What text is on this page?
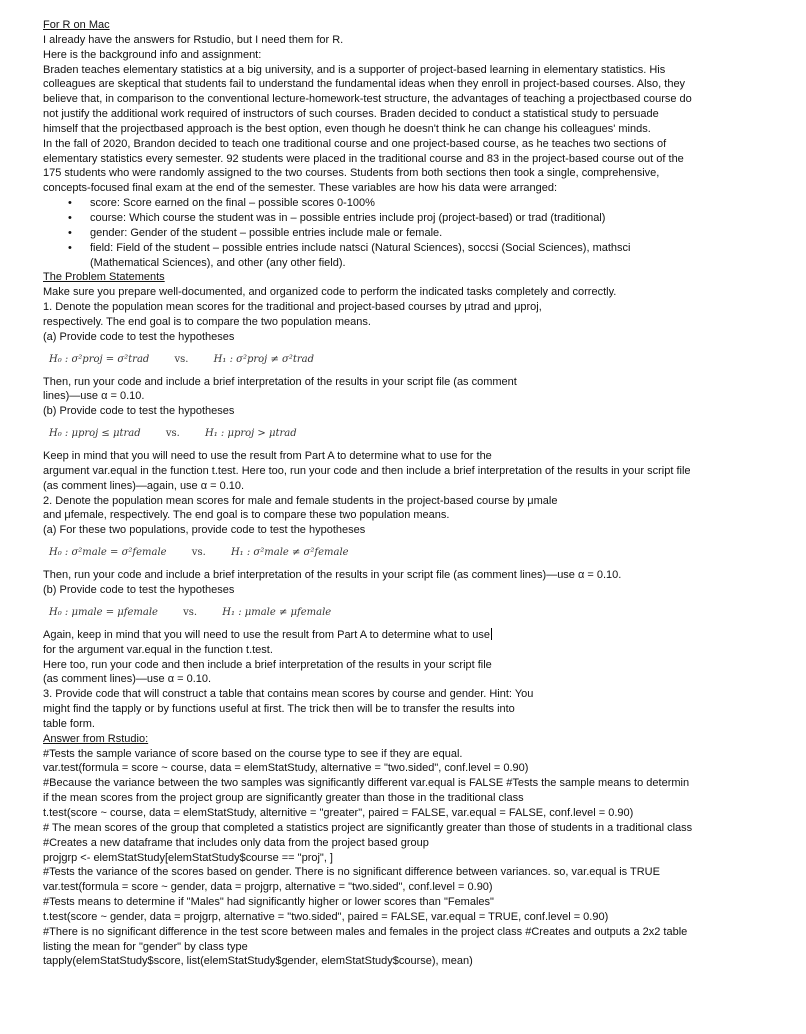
For R on Mac
I already have the answers for Rstudio, but I need them for R.
Here is the background info and assignment:
Braden teaches elementary statistics at a big university, and is a supporter of project-based learning in elementary statistics. His
colleagues are skeptical that students fail to understand the fundamental ideas when they enroll in project-based courses. Also, they
believe that, in comparison to the conventional lecture-homework-test structure, the advantages of teaching a projectbased course do
not justify the additional work required of instructors of such courses. Braden decided to conduct a statistical study to persuade
himself that the projectbased approach is the best option, even though he doesn't think he can change his colleagues' minds.
In the fall of 2020, Brandon decided to teach one traditional course and one project-based course, as he teaches two sections of
elementary statistics every semester. 92 students were placed in the traditional course and 83 in the project-based course out of the
175 students who were randomly assigned to the two courses. Students from both sections then took a single, comprehensive,
concepts-focused final exam at the end of the semester. These variables are how his data were arranged:
• score: Score earned on the final – possible scores 0-100%
• course: Which course the student was in – possible entries include proj (project-based) or trad (traditional)
• gender: Gender of the student – possible entries include male or female.
• field: Field of the student – possible entries include natsci (Natural Sciences), soccsi (Social Sciences), mathsci
(Mathematical Sciences), and other (any other field).
The Problem Statements
Make sure you prepare well-documented, and organized code to perform the indicated tasks completely and correctly.
1. Denote the population mean scores for the traditional and project-based courses by μtrad and μproj,
respectively. The end goal is to compare the two population means.
(a) Provide code to test the hypotheses
H₀ : σ²proj = σ²trad	vs.	H₁ : σ²proj ≠ σ²trad
Then, run your code and include a brief interpretation of the results in your script file (as comment
lines)—use α = 0.10.
(b) Provide code to test the hypotheses
H₀ : μproj ≤ μtrad	vs.	H₁ : μproj > μtrad
Keep in mind that you will need to use the result from Part A to determine what to use for the
argument var.equal in the function t.test. Here too, run your code and then include a brief interpretation of the results in your script file
(as comment lines)—again, use α = 0.10.
2. Denote the population mean scores for male and female students in the project-based course by μmale
and μfemale, respectively. The end goal is to compare these two population means.
(a) For these two populations, provide code to test the hypotheses
H₀ : σ²male = σ²female	vs.	H₁ : σ²male ≠ σ²female
Then, run your code and include a brief interpretation of the results in your script file (as comment lines)—use α = 0.10.
(b) Provide code to test the hypotheses
H₀ : μmale = μfemale	vs.	H₁ : μmale ≠ μfemale
Again, keep in mind that you will need to use the result from Part A to determine what to use
for the argument var.equal in the function t.test.
Here too, run your code and then include a brief interpretation of the results in your script file
(as comment lines)—use α = 0.10.
3. Provide code that will construct a table that contains mean scores by course and gender. Hint: You
might find the tapply or by functions useful at first. The trick then will be to transfer the results into
table form.
Answer from Rstudio:
#Tests the sample variance of score based on the course type to see if they are equal.
var.test(formula = score ~ course, data = elemStatStudy, alternative = "two.sided", conf.level = 0.90)
#Because the variance between the two samples was significantly different var.equal is FALSE #Tests the sample means to determin
if the mean scores from the project group are significantly greater than those in the traditional class
t.test(score ~ course, data = elemStatStudy, alternitive = "greater", paired = FALSE, var.equal = FALSE, conf.level = 0.90)
# The mean scores of the group that completed a statistics project are significantly greater than those of students in a traditional class
#Creates a new dataframe that includes only data from the project based group
projgrp <- elemStatStudy[elemStatStudy$course == "proj", ]
#Tests the variance of the scores based on gender. There is no significant difference between variances. so, var.equal is TRUE
var.test(formula = score ~ gender, data = projgrp, alternative = "two.sided", conf.level = 0.90)
#Tests means to determine if "Males" had significantly higher or lower scores than "Females"
t.test(score ~ gender, data = projgrp, alternative = "two.sided", paired = FALSE, var.equal = TRUE, conf.level = 0.90)
#There is no significant difference in the test score between males and females in the project class #Creates and outputs a 2x2 table
listing the mean for "gender" by class type
tapply(elemStatStudy$score, list(elemStatStudy$gender, elemStatStudy$course), mean)
